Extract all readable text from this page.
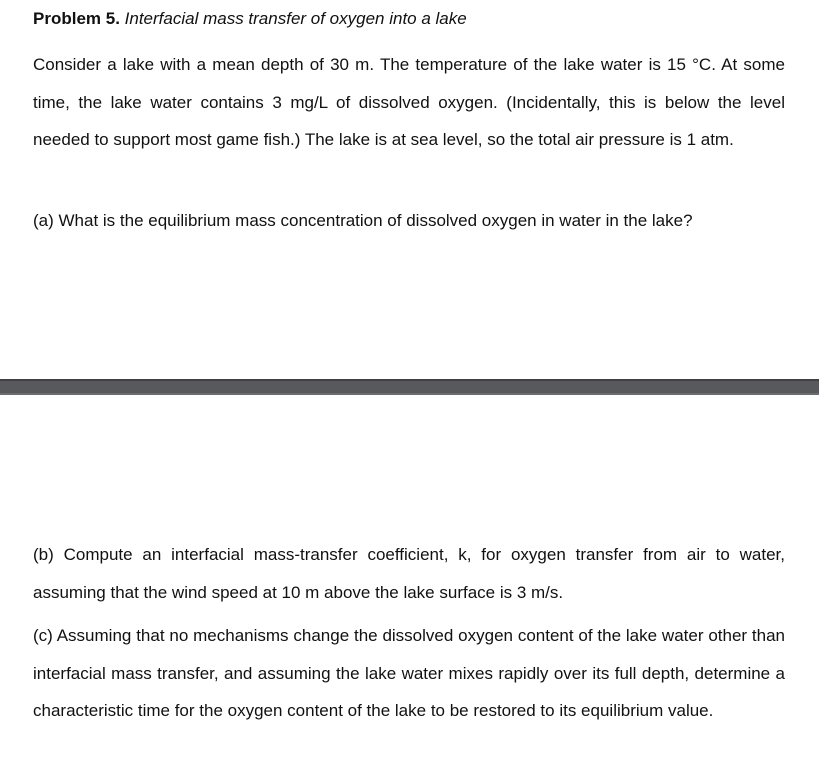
Problem 5. Interfacial mass transfer of oxygen into a lake

Consider a lake with a mean depth of 30 m. The temperature of the lake water is 15 °C. At some time, the lake water contains 3 mg/L of dissolved oxygen. (Incidentally, this is below the level needed to support most game fish.) The lake is at sea level, so the total air pressure is 1 atm.

(a) What is the equilibrium mass concentration of dissolved oxygen in water in the lake?

(b) Compute an interfacial mass-transfer coefficient, k, for oxygen transfer from air to water, assuming that the wind speed at 10 m above the lake surface is 3 m/s.

(c) Assuming that no mechanisms change the dissolved oxygen content of the lake water other than interfacial mass transfer, and assuming the lake water mixes rapidly over its full depth, determine a characteristic time for the oxygen content of the lake to be restored to its equilibrium value.
